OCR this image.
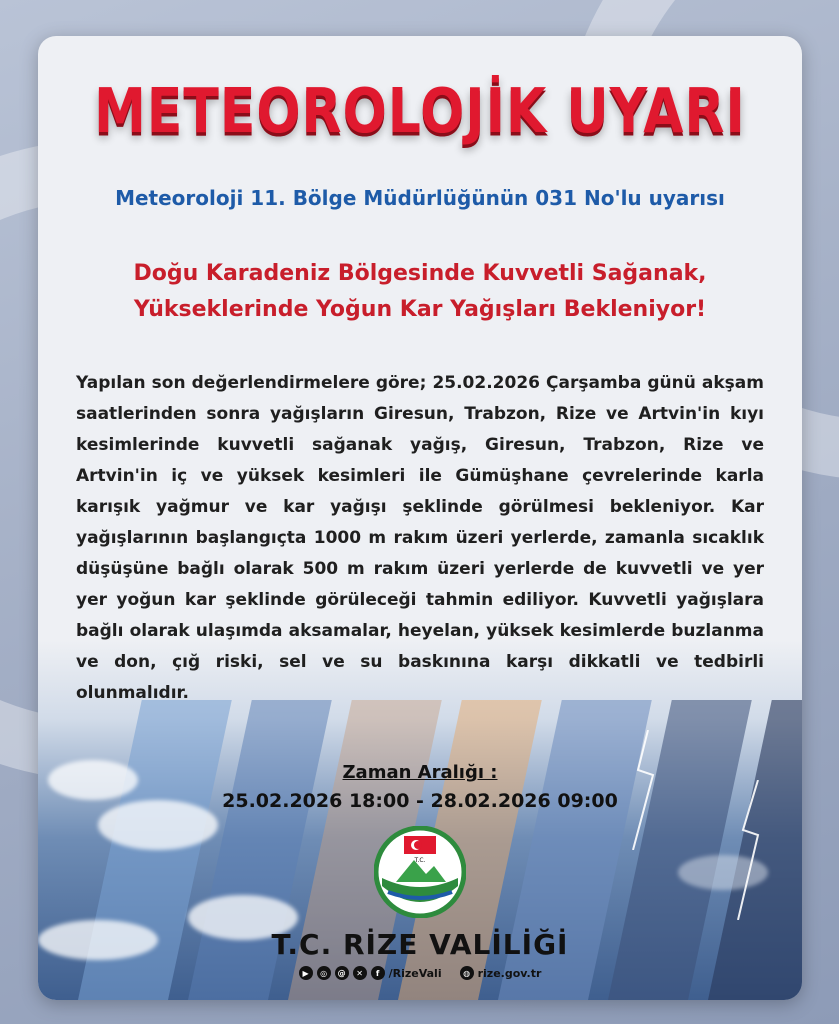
METEOROLOJİK UYARI
Meteoroloji 11. Bölge Müdürlüğünün 031 No'lu uyarısı
Doğu Karadeniz Bölgesinde Kuvvetli Sağanak,
Yükseklerinde Yoğun Kar Yağışları Bekleniyor!
Yapılan son değerlendirmelere göre; 25.02.2026 Çarşamba günü akşam saatlerinden sonra yağışların Giresun, Trabzon, Rize ve Artvin'in kıyı kesimlerinde kuvvetli sağanak yağış, Giresun, Trabzon, Rize ve Artvin'in iç ve yüksek kesimleri ile Gümüşhane çevrelerinde karla karışık yağmur ve kar yağışı şeklinde görülmesi bekleniyor. Kar yağışlarının başlangıçta 1000 m rakım üzeri yerlerde, zamanla sıcaklık düşüşüne bağlı olarak 500 m rakım üzeri yerlerde de kuvvetli ve yer yer yoğun kar şeklinde görüleceği tahmin ediliyor. Kuvvetli yağışlara bağlı olarak ulaşımda aksamalar, heyelan, yüksek kesimlerde buzlanma ve don, çığ riski, sel ve su baskınına karşı dikkatli ve tedbirli olunmalıdır.
Zaman Aralığı :
25.02.2026 18:00 - 28.02.2026 09:00
T.C.
T.C. RİZE VALİLİĞİ
▶	◎	@	✕	f /RizeVali	◍ rize.gov.tr
